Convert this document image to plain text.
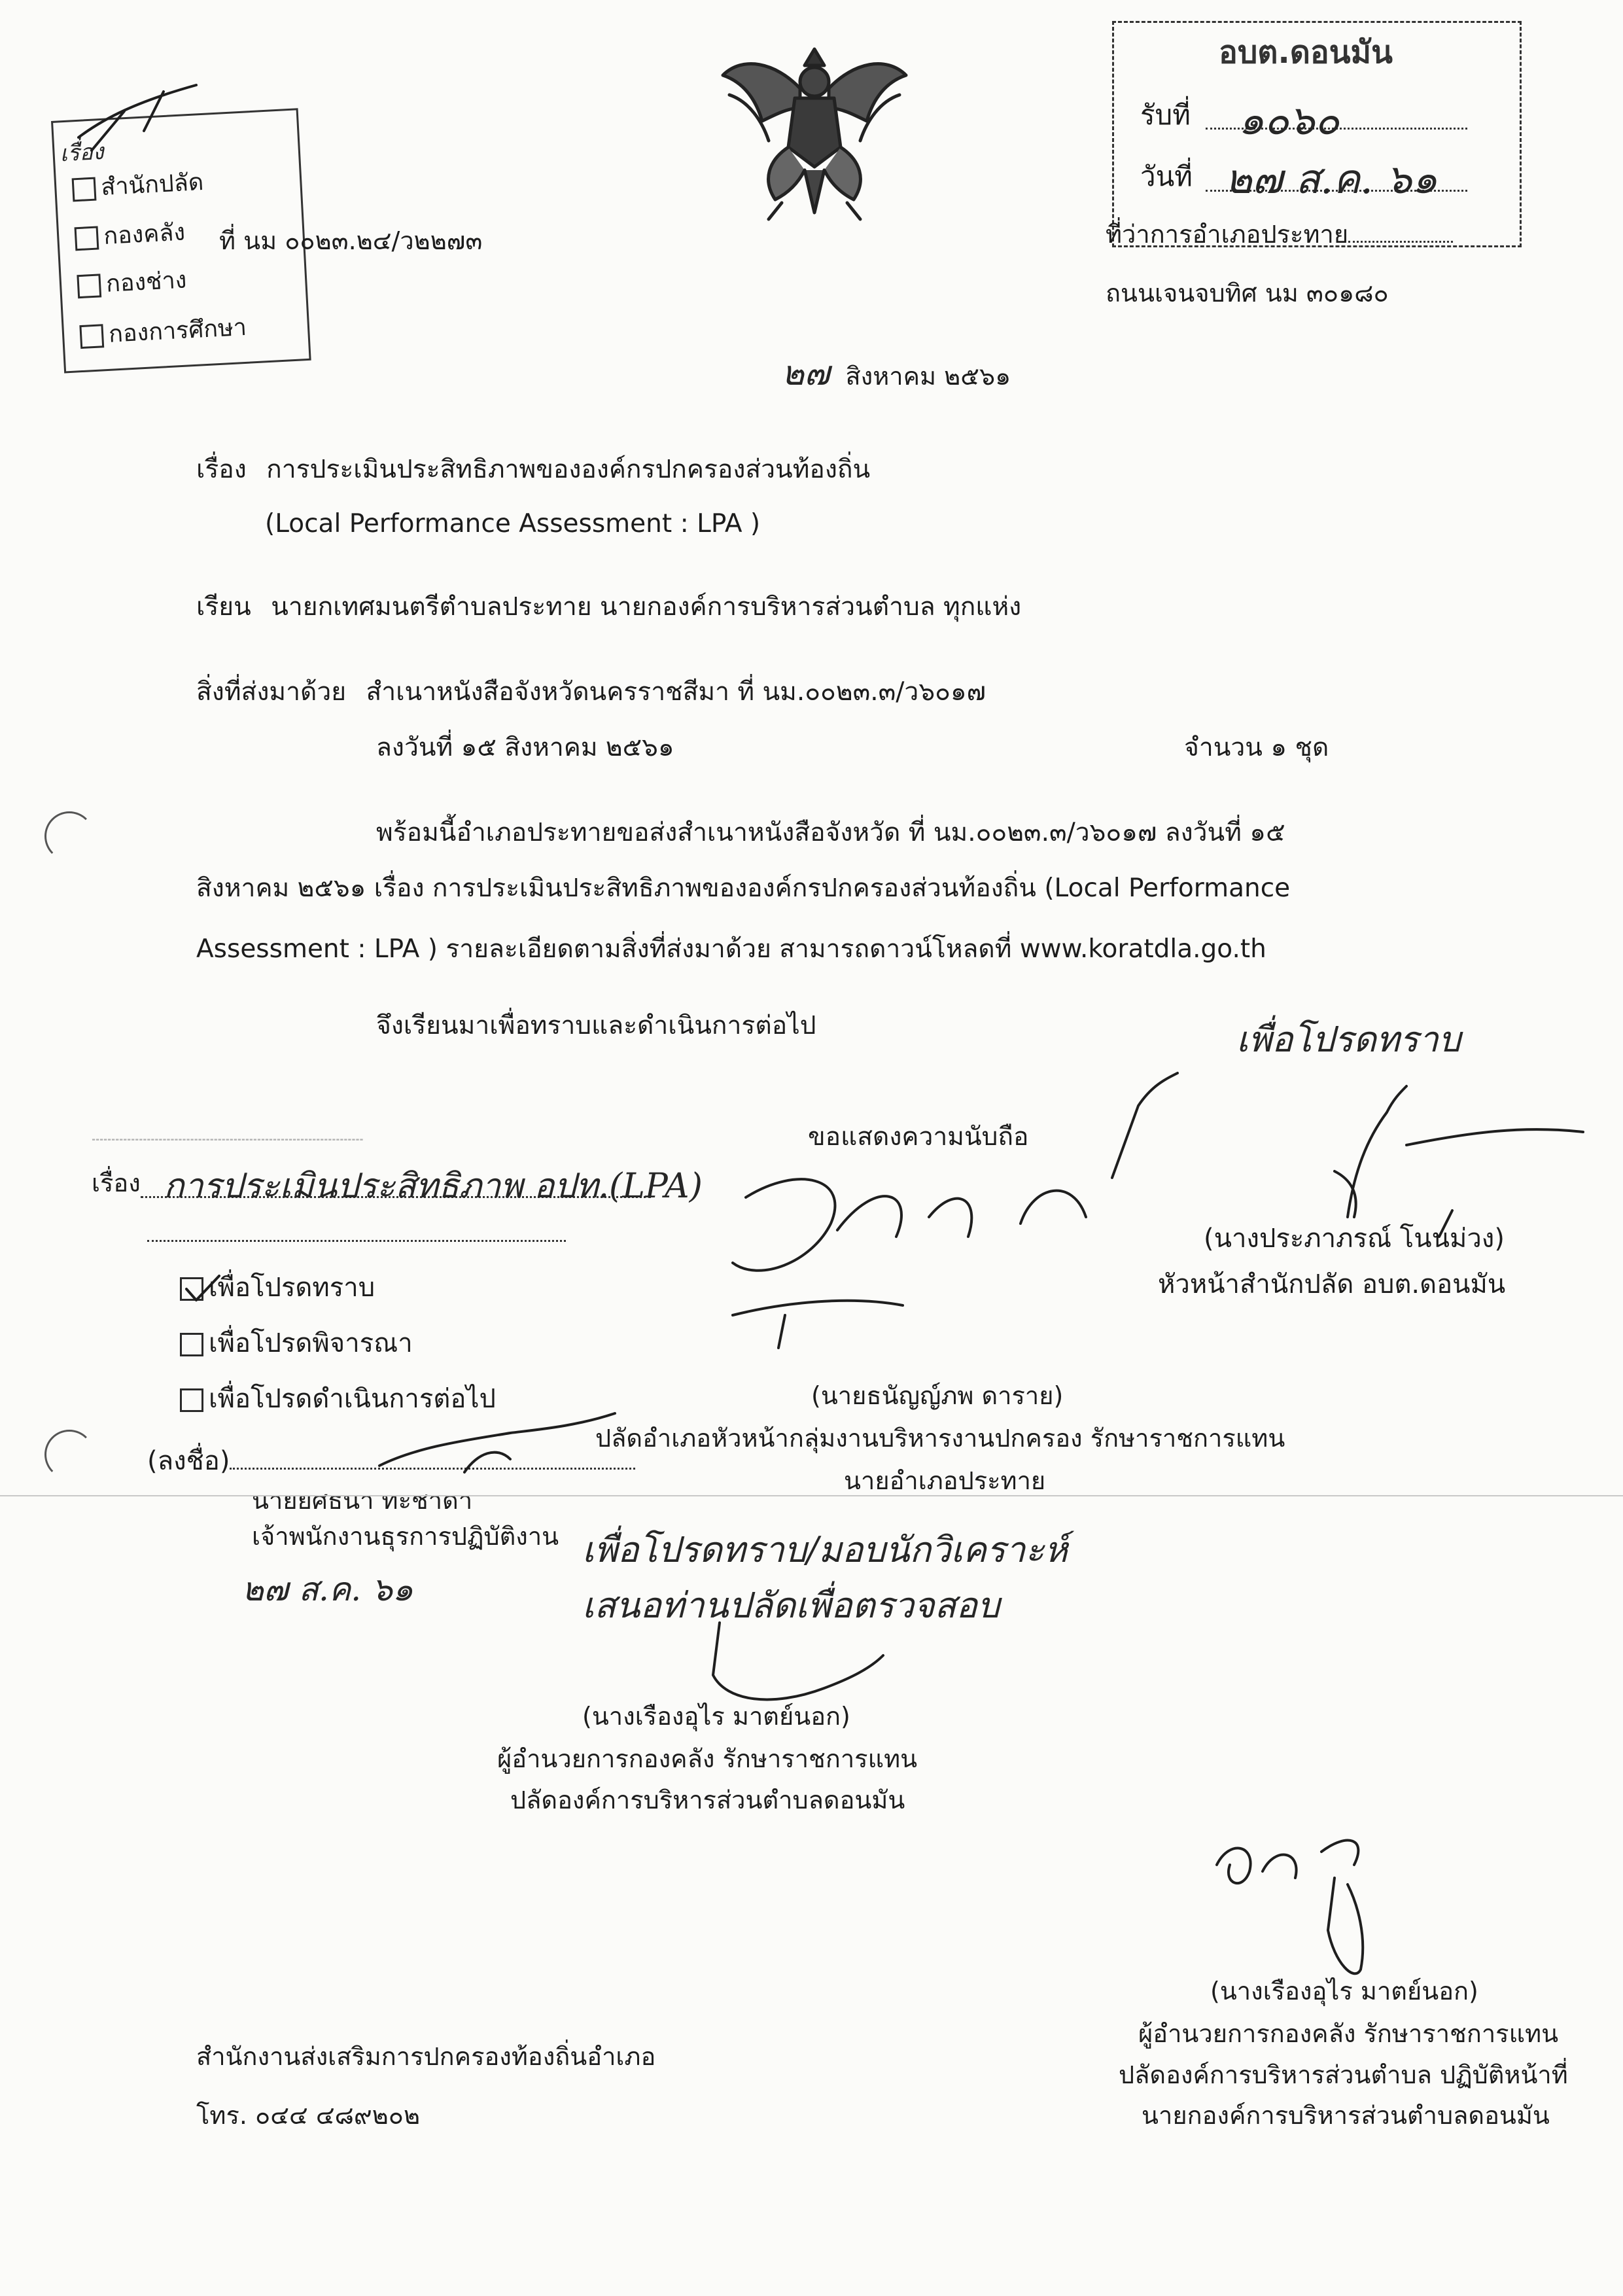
เรื่อง
สำนักปลัด
กองคลัง
กองช่าง
กองการศึกษา
ที่ นม ๐๐๒๓.๒๔/ว๒๒๗๓
อบต.ดอนมัน
รับที่ ๑๐๖๐
วันที่ ๒๗ ส.ค. ๖๑
ที่ว่าการอำเภอประทาย
ถนนเจนจบทิศ นม ๓๐๑๘๐
๒๗ สิงหาคม ๒๕๖๑
เรื่อง การประเมินประสิทธิภาพขององค์กรปกครองส่วนท้องถิ่น
(Local Performance Assessment : LPA )
เรียน นายกเทศมนตรีตำบลประทาย นายกองค์การบริหารส่วนตำบล ทุกแห่ง
สิ่งที่ส่งมาด้วย สำเนาหนังสือจังหวัดนครราชสีมา ที่ นม.๐๐๒๓.๓/ว๖๐๑๗
ลงวันที่ ๑๕ สิงหาคม ๒๕๖๑	จำนวน ๑ ชุด
พร้อมนี้อำเภอประทายขอส่งสำเนาหนังสือจังหวัด ที่ นม.๐๐๒๓.๓/ว๖๐๑๗ ลงวันที่ ๑๕
สิงหาคม ๒๕๖๑ เรื่อง การประเมินประสิทธิภาพขององค์กรปกครองส่วนท้องถิ่น (Local Performance
Assessment : LPA ) รายละเอียดตามสิ่งที่ส่งมาด้วย สามารถดาวน์โหลดที่ www.koratdla.go.th
จึงเรียนมาเพื่อทราบและดำเนินการต่อไป
ขอแสดงความนับถือ
เพื่อโปรดทราบ
┄┄┄┄┄┄┄┄┄┄┄┄┄┄┄┄┄┄┄┄┄┄┄
เรื่อง การประเมินประสิทธิภาพ อปท.(LPA)
เพื่อโปรดทราบ
เพื่อโปรดพิจารณา
เพื่อโปรดดำเนินการต่อไป
(ลงชื่อ)
นายยศธนา ทะชาดา
เจ้าพนักงานธุรการปฏิบัติงาน
๒๗ ส.ค. ๖๑
(นายธนัญญ์ภพ ดาราย)
ปลัดอำเภอหัวหน้ากลุ่มงานบริหารงานปกครอง รักษาราชการแทน
นายอำเภอประทาย
(นางประภาภรณ์ โนนม่วง)
หัวหน้าสำนักปลัด อบต.ดอนมัน
เพื่อโปรดทราบ/มอบนักวิเคราะห์
เสนอท่านปลัดเพื่อตรวจสอบ
(นางเรืองอุไร มาตย์นอก)
ผู้อำนวยการกองคลัง รักษาราชการแทน
ปลัดองค์การบริหารส่วนตำบลดอนมัน
(นางเรืองอุไร มาตย์นอก)
ผู้อำนวยการกองคลัง รักษาราชการแทน
ปลัดองค์การบริหารส่วนตำบล ปฏิบัติหน้าที่
นายกองค์การบริหารส่วนตำบลดอนมัน
สำนักงานส่งเสริมการปกครองท้องถิ่นอำเภอ
โทร. ๐๔๔ ๔๘๙๒๐๒
